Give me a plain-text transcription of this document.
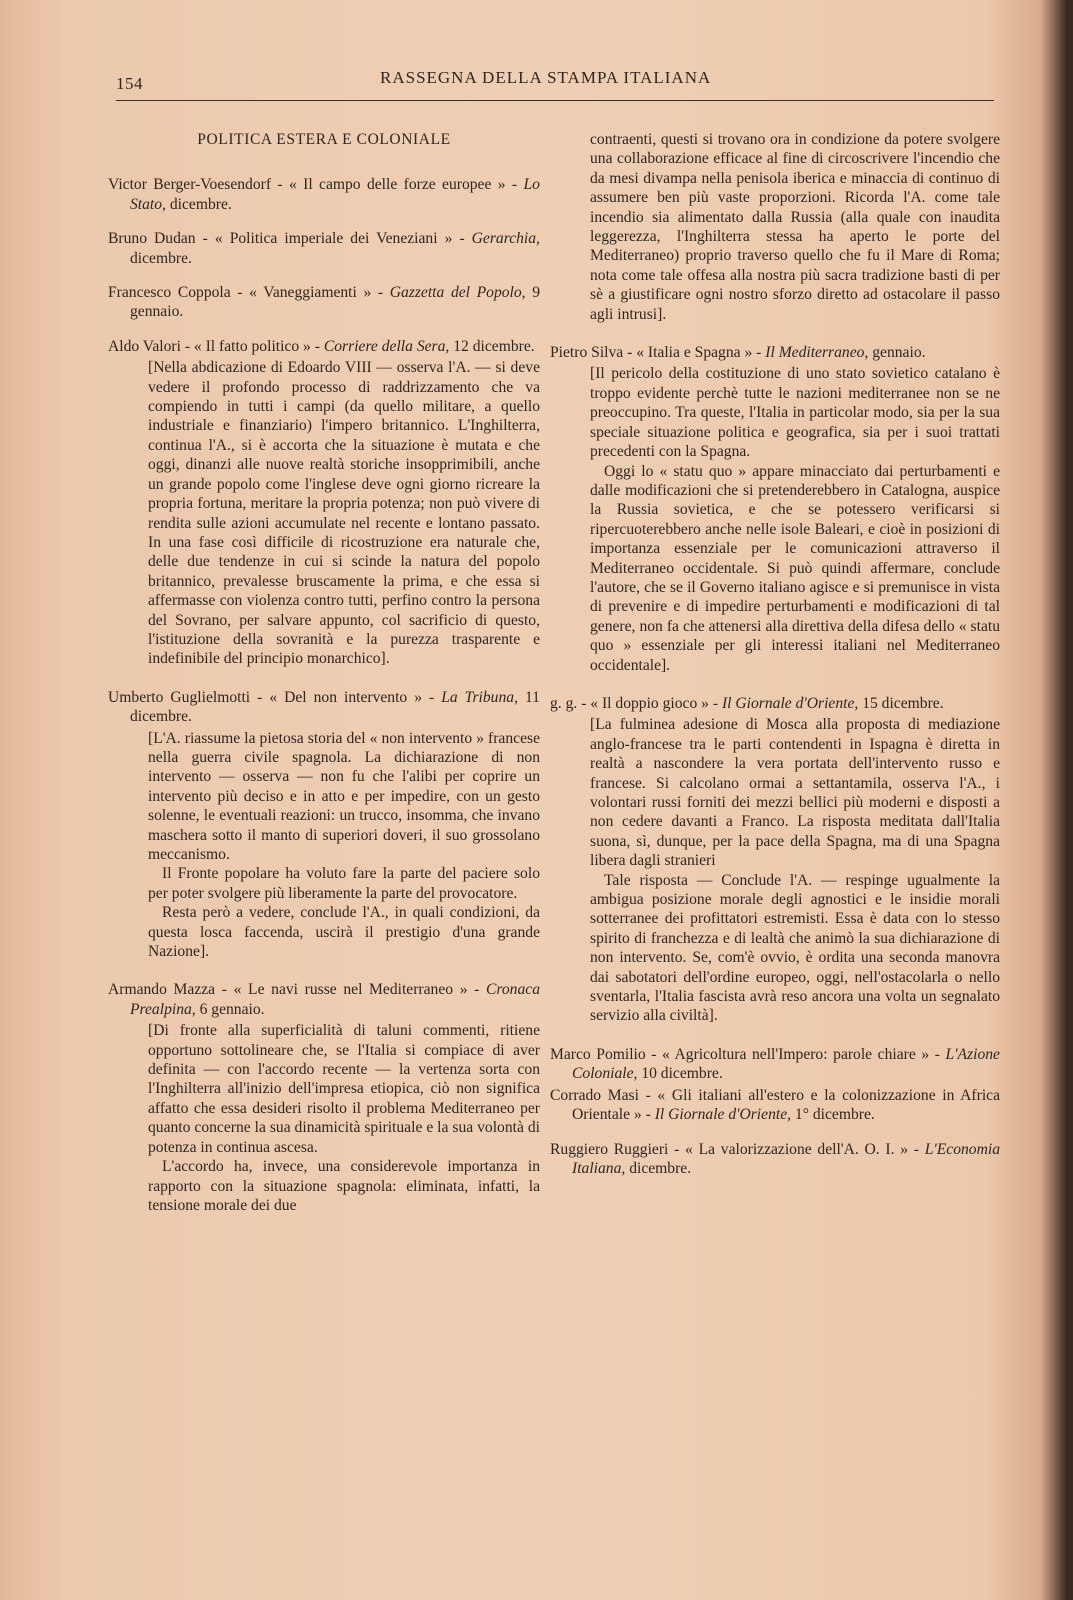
154	RASSEGNA DELLA STAMPA ITALIANA
POLITICA ESTERA E COLONIALE
Victor Berger-Voesendorf - « Il campo delle forze europee » - Lo Stato, dicembre.
Bruno Dudan - « Politica imperiale dei Veneziani » - Gerarchia, dicembre.
Francesco Coppola - « Vaneggiamenti » - Gazzetta del Popolo, 9 gennaio.
Aldo Valori - « Il fatto politico » - Corriere della Sera, 12 dicembre.

[Nella abdicazione di Edoardo VIII — osserva l'A. — si deve vedere il profondo processo di raddrizzamento che va compiendo in tutti i campi (da quello militare, a quello industriale e finanziario) l'impero britannico. L'Inghilterra, continua l'A., si è accorta che la situazione è mutata e che oggi, dinanzi alle nuove realtà storiche insopprimibili, anche un grande popolo come l'inglese deve ogni giorno ricreare la propria fortuna, meritare la propria potenza; non può vivere di rendita sulle azioni accumulate nel recente e lontano passato. In una fase così difficile di ricostruzione era naturale che, delle due tendenze in cui si scinde la natura del popolo britannico, prevalesse bruscamente la prima, e che essa si affermasse con violenza contro tutti, perfino contro la persona del Sovrano, per salvare appunto, col sacrificio di questo, l'istituzione della sovranità e la purezza trasparente e indefinibile del principio monarchico].

Umberto Guglielmotti - « Del non intervento » - La Tribuna, 11 dicembre.

[L'A. riassume la pietosa storia del « non intervento » francese nella guerra civile spagnola. La dichiarazione di non intervento — osserva — non fu che l'alibi per coprire un intervento più deciso e in atto e per impedire, con un gesto solenne, le eventuali reazioni: un trucco, insomma, che invano maschera sotto il manto di superiori doveri, il suo grossolano meccanismo.

Il Fronte popolare ha voluto fare la parte del paciere solo per poter svolgere più liberamente la parte del provocatore.

Resta però a vedere, conclude l'A., in quali condizioni, da questa losca faccenda, uscirà il prestigio d'una grande Nazione].

Armando Mazza - « Le navi russe nel Mediterraneo » - Cronaca Prealpina, 6 gennaio.

[Di fronte alla superficialità di taluni commenti, ritiene opportuno sottolineare che, se l'Italia si compiace di aver definita — con l'accordo recente — la vertenza sorta con l'Inghilterra all'inizio dell'impresa etiopica, ciò non significa affatto che essa desideri risolto il problema Mediterraneo per quanto concerne la sua dinamicità spirituale e la sua volontà di potenza in continua ascesa.

L'accordo ha, invece, una considerevole importanza in rapporto con la situazione spagnola: eliminata, infatti, la tensione morale dei due

contraenti, questi si trovano ora in condizione da potere svolgere una collaborazione efficace al fine di circoscrivere l'incendio che da mesi divampa nella penisola iberica e minaccia di continuo di assumere ben più vaste proporzioni. Ricorda l'A. come tale incendio sia alimentato dalla Russia (alla quale con inaudita leggerezza, l'Inghilterra stessa ha aperto le porte del Mediterraneo) proprio traverso quello che fu il Mare di Roma; nota come tale offesa alla nostra più sacra tradizione basti di per sè a giustificare ogni nostro sforzo diretto ad ostacolare il passo agli intrusi].

Pietro Silva - « Italia e Spagna » - Il Mediterraneo, gennaio.

[Il pericolo della costituzione di uno stato sovietico catalano è troppo evidente perchè tutte le nazioni mediterranee non se ne preoccupino. Tra queste, l'Italia in particolar modo, sia per la sua speciale situazione politica e geografica, sia per i suoi trattati precedenti con la Spagna.

Oggi lo « statu quo » appare minacciato dai perturbamenti e dalle modificazioni che si pretenderebbero in Catalogna, auspice la Russia sovietica, e che se potessero verificarsi si ripercuoterebbero anche nelle isole Baleari, e cioè in posizioni di importanza essenziale per le comunicazioni attraverso il Mediterraneo occidentale. Si può quindi affermare, conclude l'autore, che se il Governo italiano agisce e si premunisce in vista di prevenire e di impedire perturbamenti e modificazioni di tal genere, non fa che attenersi alla direttiva della difesa dello « statu quo » essenziale per gli interessi italiani nel Mediterraneo occidentale].

g. g. - « Il doppio gioco » - Il Giornale d'Oriente, 15 dicembre.

[La fulminea adesione di Mosca alla proposta di mediazione anglo-francese tra le parti contendenti in Ispagna è diretta in realtà a nascondere la vera portata dell'intervento russo e francese. Si calcolano ormai a settantamila, osserva l'A., i volontari russi forniti dei mezzi bellici più moderni e disposti a non cedere davanti a Franco. La risposta meditata dall'Italia suona, sì, dunque, per la pace della Spagna, ma di una Spagna libera dagli stranieri

Tale risposta — Conclude l'A. — respinge ugualmente la ambigua posizione morale degli agnostici e le insidie morali sotterranee dei profittatori estremisti. Essa è data con lo stesso spirito di franchezza e di lealtà che animò la sua dichiarazione di non intervento. Se, com'è ovvio, è ordita una seconda manovra dai sabotatori dell'ordine europeo, oggi, nell'ostacolarla o nello sventarla, l'Italia fascista avrà reso ancora una volta un segnalato servizio alla civiltà].

Marco Pomilio - « Agricoltura nell'Impero: parole chiare » - L'Azione Coloniale, 10 dicembre.
Corrado Masi - « Gli italiani all'estero e la colonizzazione in Africa Orientale » - Il Giornale d'Oriente, 1° dicembre.
Ruggiero Ruggieri - « La valorizzazione dell'A. O. I. » - L'Economia Italiana, dicembre.
